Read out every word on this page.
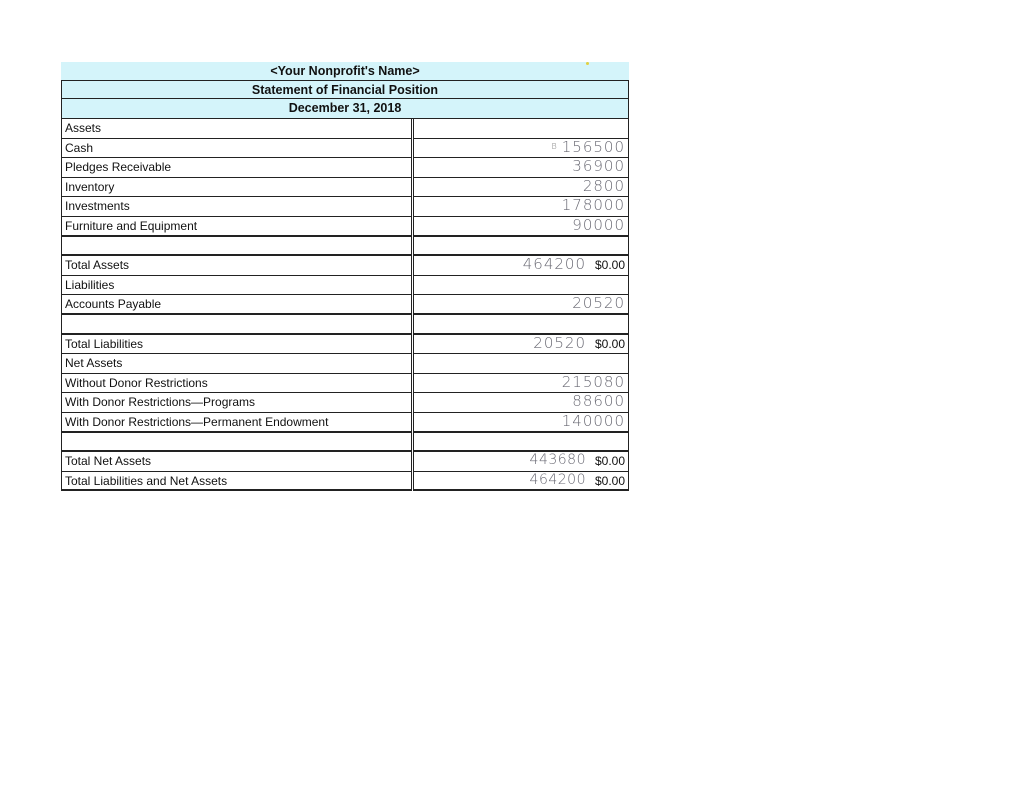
<Your Nonprofit's Name>
Statement of Financial Position
December 31, 2018
Assets
Cash	$^B$ 156500
Pledges Receivable	36900
Inventory	2800
Investments	178000
Furniture and Equipment	90000
Total Assets	464200 $0.00
Liabilities
Accounts Payable	20520
Total Liabilities	20520 $0.00
Net Assets
Without Donor Restrictions	215080
With Donor Restrictions—Programs	88600
With Donor Restrictions—Permanent Endowment	140000
Total Net Assets	443680 $0.00
Total Liabilities and Net Assets	464200 $0.00
